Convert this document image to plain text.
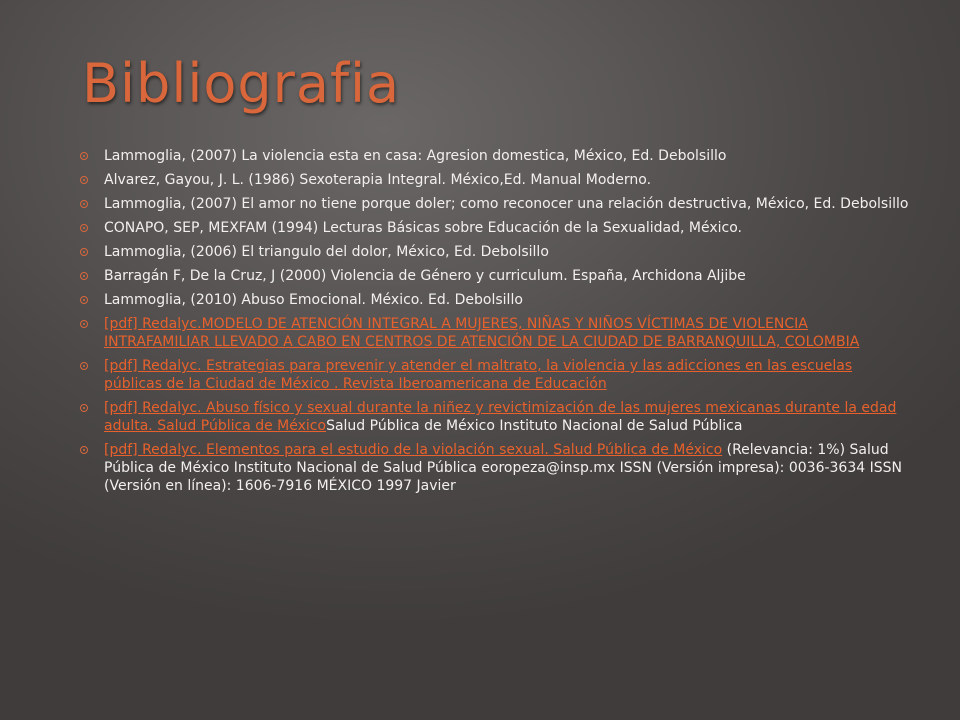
Bibliografia
Lammoglia, (2007) La violencia esta en casa: Agresion domestica, México, Ed. Debolsillo
Alvarez, Gayou, J. L. (1986) Sexoterapia Integral. México,Ed. Manual Moderno.
Lammoglia, (2007) El amor no tiene porque doler; como reconocer una relación destructiva, México, Ed. Debolsillo
CONAPO, SEP, MEXFAM (1994) Lecturas Básicas sobre Educación de la Sexualidad, México.
Lammoglia, (2006) El triangulo del dolor, México, Ed. Debolsillo
Barragán F, De la Cruz, J (2000) Violencia de Género y curriculum. España, Archidona Aljibe
Lammoglia, (2010) Abuso Emocional. México. Ed. Debolsillo
[pdf] Redalyc.MODELO DE ATENCIÓN INTEGRAL A MUJERES, NIÑAS Y NIÑOS VÍCTIMAS DE VIOLENCIA INTRAFAMILIAR LLEVADO A CABO EN CENTROS DE ATENCIÓN DE LA CIUDAD DE BARRANQUILLA, COLOMBIA
[pdf] Redalyc. Estrategias para prevenir y atender el maltrato, la violencia y las adicciones en las escuelas públicas de la Ciudad de México . Revista Iberoamericana de Educación
[pdf] Redalyc. Abuso físico y sexual durante la niñez y revictimización de las mujeres mexicanas durante la edad adulta. Salud Pública de MéxicoSalud Pública de México Instituto Nacional de Salud Pública
[pdf] Redalyc. Elementos para el estudio de la violación sexual. Salud Pública de México (Relevancia: 1%) Salud Pública de México Instituto Nacional de Salud Pública eoropeza@insp.mx ISSN (Versión impresa): 0036-3634 ISSN (Versión en línea): 1606-7916 MÉXICO 1997 Javier
